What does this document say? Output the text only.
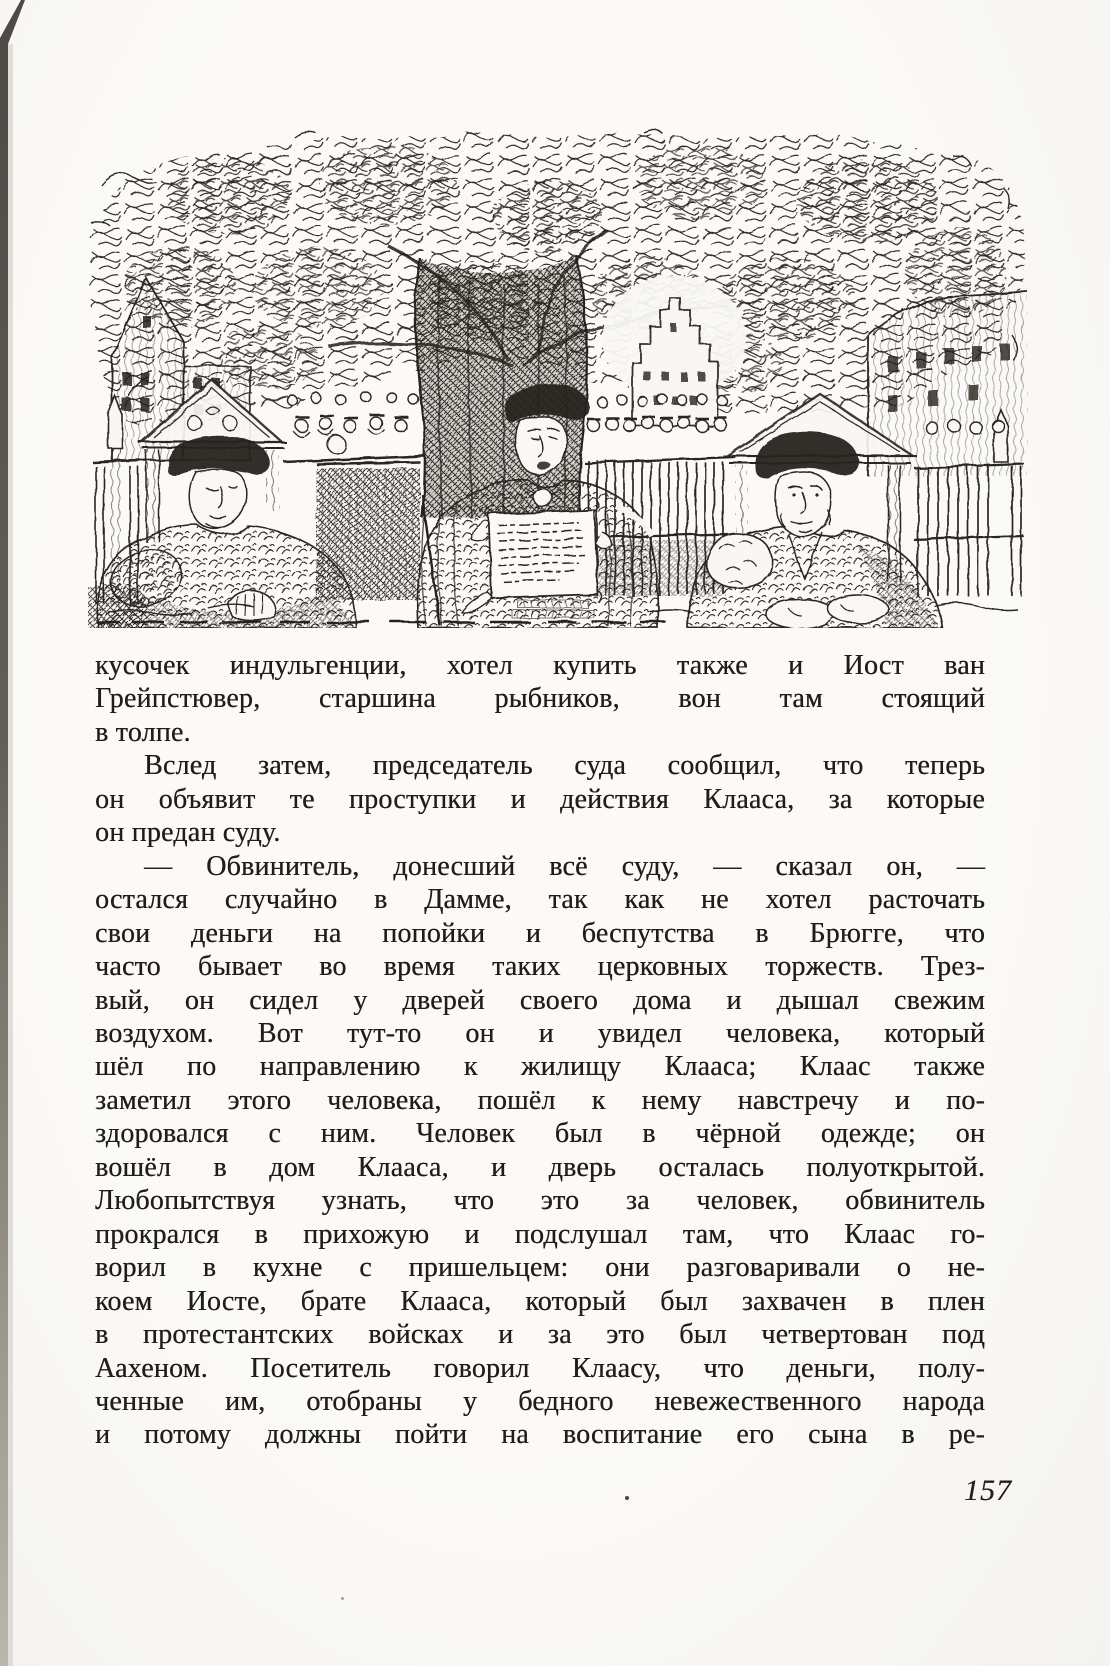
кусочек индульгенции, хотел купить также и Иост ван
Грейпстювер, старшина рыбников, вон там стоящий
в толпе.
Вслед затем, председатель суда сообщил, что теперь
он объявит те проступки и действия Клааса, за которые
он предан суду.
— Обвинитель, донесший всё суду, — сказал он, —
остался случайно в Дамме, так как не хотел расточать
свои деньги на попойки и беспутства в Брюгге, что
часто бывает во время таких церковных торжеств. Трез-
вый, он сидел у дверей своего дома и дышал свежим
воздухом. Вот тут-то он и увидел человека, который
шёл по направлению к жилищу Клааса; Клаас также
заметил этого человека, пошёл к нему навстречу и по-
здоровался с ним. Человек был в чёрной одежде; он
вошёл в дом Клааса, и дверь осталась полуоткрытой.
Любопытствуя узнать, что это за человек, обвинитель
прокрался в прихожую и подслушал там, что Клаас го-
ворил в кухне с пришельцем: они разговаривали о не-
коем Иосте, брате Клааса, который был захвачен в плен
в протестантских войсках и за это был четвертован под
Аахеном. Посетитель говорил Клаасу, что деньги, полу-
ченные им, отобраны у бедного невежественного народа
и потому должны пойти на воспитание его сына в ре-
157
